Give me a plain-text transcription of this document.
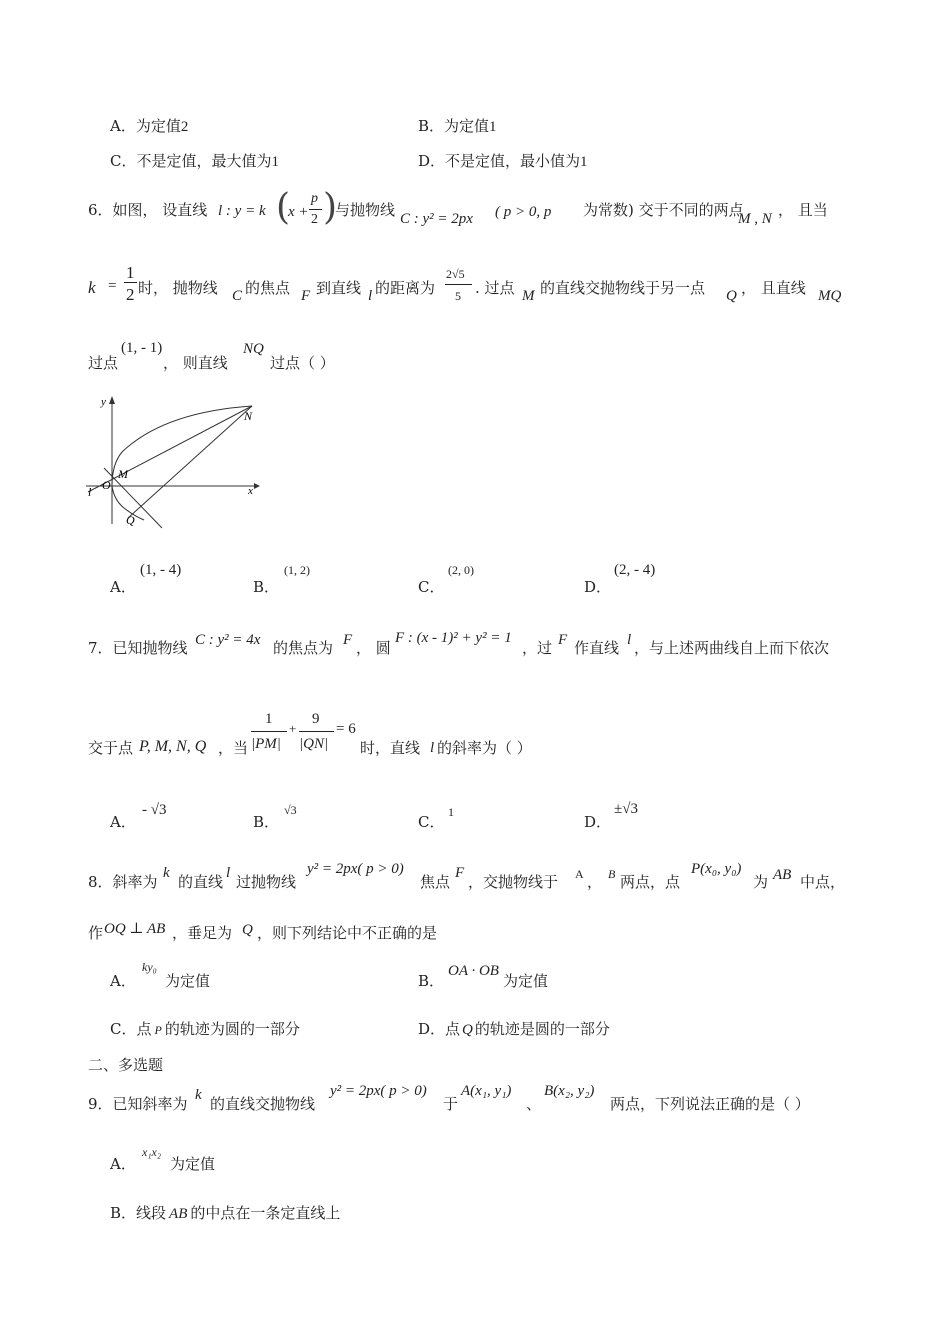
A．为定值2	B．为定值1
C．不是定值，最大值为1	D．不是定值，最小值为1
6．如图， 设直线 l : y = k (
x +
p
2 )
与抛物线 C : y² = 2px ( p > 0, p 为常数) 交于不同的两点
M , N ， 且当
k =
1
2 时， 抛物线 C 的焦点 F 到直线 l 的距离为
2√5
5 . 过点 M 的直线交抛物线于另一点 Q ， 且直线 MQ
过点
(1, - 1)
， 则直线
NQ
过点（ ）
y
x
O
M
N
Q
l
A．
(1, - 4)
B．
(1, 2)
C．
(2, 0)
D．
(2, - 4)
7．已知抛物线 C : y² = 4x 的焦点为 F ， 圆
F : (x - 1)² + y² = 1
，过 F 作直线 l ，与上述两曲线自上而下依次
交于点 P, M, N, Q ，当
1
|PM|
+
9
|QN|
= 6
时，直线 l 的斜率为（ ）
A．
- √3
B．
√3
C．
1
D．
±√3
8．斜率为 k 的直线 l 过抛物线
y² = 2px( p > 0)
焦点 F ，交抛物线于 A ， B 两点，点
P(x₀, y₀)
为 AB 中点，
作 OQ ⊥ AB ，垂足为 Q ，则下列结论中不正确的是
A．
ky₀
为定值	B．
OA · OB
为定值
C．点 P 的轨迹为圆的一部分	D．点 Q 的轨迹是圆的一部分
二、多选题
9．已知斜率为 k 的直线交抛物线
y² = 2px( p > 0)
于
A(x₁, y₁)
、
B(x₂, y₂)
两点，下列说法正确的是（ ）
A．
x₁x₂
为定值
B．线段 AB 的中点在一条定直线上
